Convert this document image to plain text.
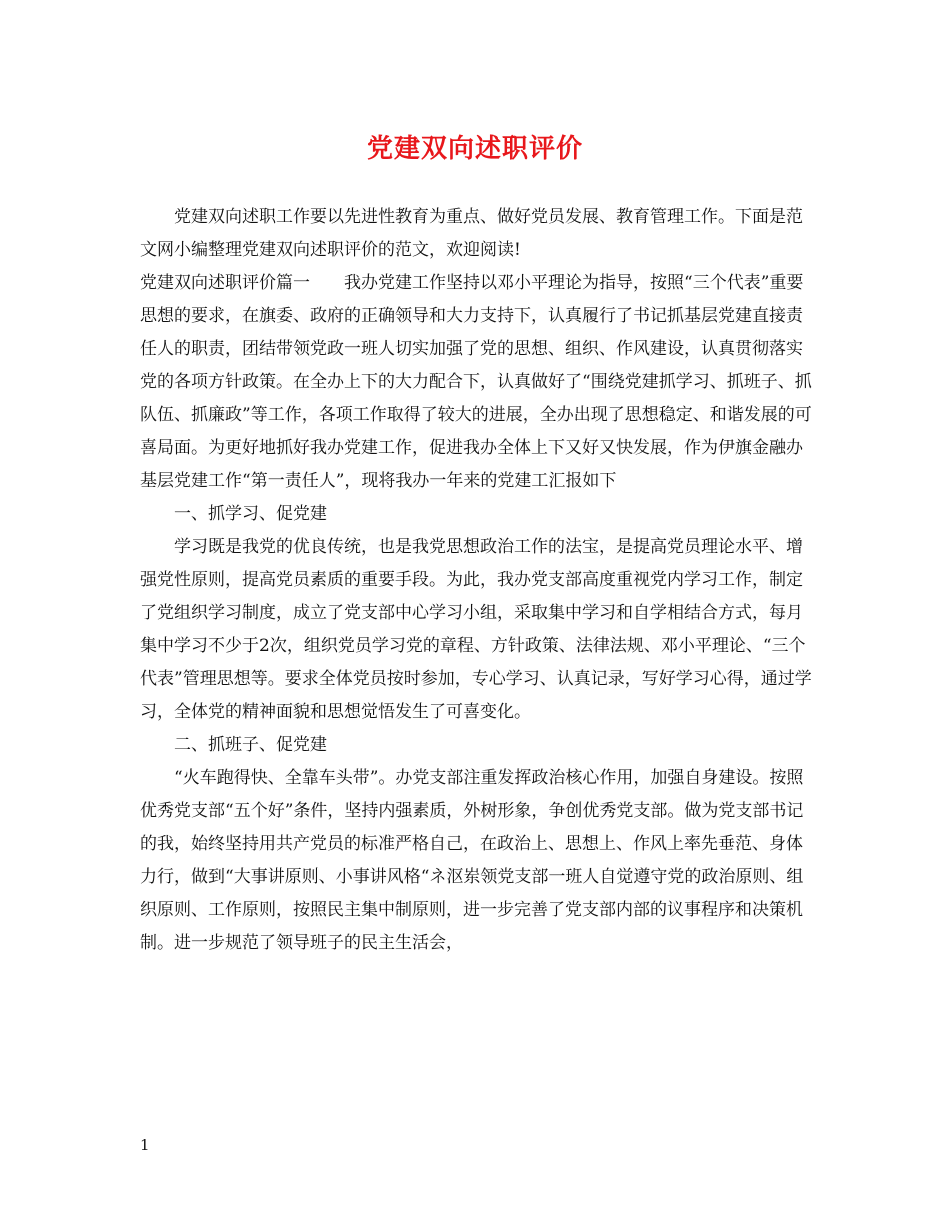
党建双向述职评价

党建双向述职工作要以先进性教育为重点、做好党员发展、教育管理工作。下面是范文网小编整理党建双向述职评价的范文，欢迎阅读!

党建双向述职评价篇一　　我办党建工作坚持以邓小平理论为指导，按照“三个代表”重要思想的要求，在旗委、政府的正确领导和大力支持下，认真履行了书记抓基层党建直接责任人的职责，团结带领党政一班人切实加强了党的思想、组织、作风建设，认真贯彻落实党的各项方针政策。在全办上下的大力配合下，认真做好了“围绕党建抓学习、抓班子、抓队伍、抓廉政”等工作，各项工作取得了较大的进展，全办出现了思想稳定、和谐发展的可喜局面。为更好地抓好我办党建工作，促进我办全体上下又好又快发展，作为伊旗金融办基层党建工作“第一责任人”，现将我办一年来的党建工汇报如下

一、抓学习、促党建

学习既是我党的优良传统，也是我党思想政治工作的法宝，是提高党员理论水平、增强党性原则，提高党员素质的重要手段。为此，我办党支部高度重视党内学习工作，制定了党组织学习制度，成立了党支部中心学习小组，采取集中学习和自学相结合方式，每月集中学习不少于2次，组织党员学习党的章程、方针政策、法律法规、邓小平理论、“三个代表”管理思想等。要求全体党员按时参加，专心学习、认真记录，写好学习心得，通过学习，全体党的精神面貌和思想觉悟发生了可喜变化。

二、抓班子、促党建

“火车跑得快、全靠车头带”。办党支部注重发挥政治核心作用，加强自身建设。按照优秀党支部“五个好”条件，坚持内强素质，外树形象，争创优秀党支部。做为党支部书记的我，始终坚持用共产党员的标准严格自己，在政治上、思想上、作风上率先垂范、身体力行，做到“大事讲原则、小事讲风格“ネ沤岽领党支部一班人自觉遵守党的政治原则、组织原则、工作原则，按照民主集中制原则，进一步完善了党支部内部的议事程序和决策机制。进一步规范了领导班子的民主生活会，

1
